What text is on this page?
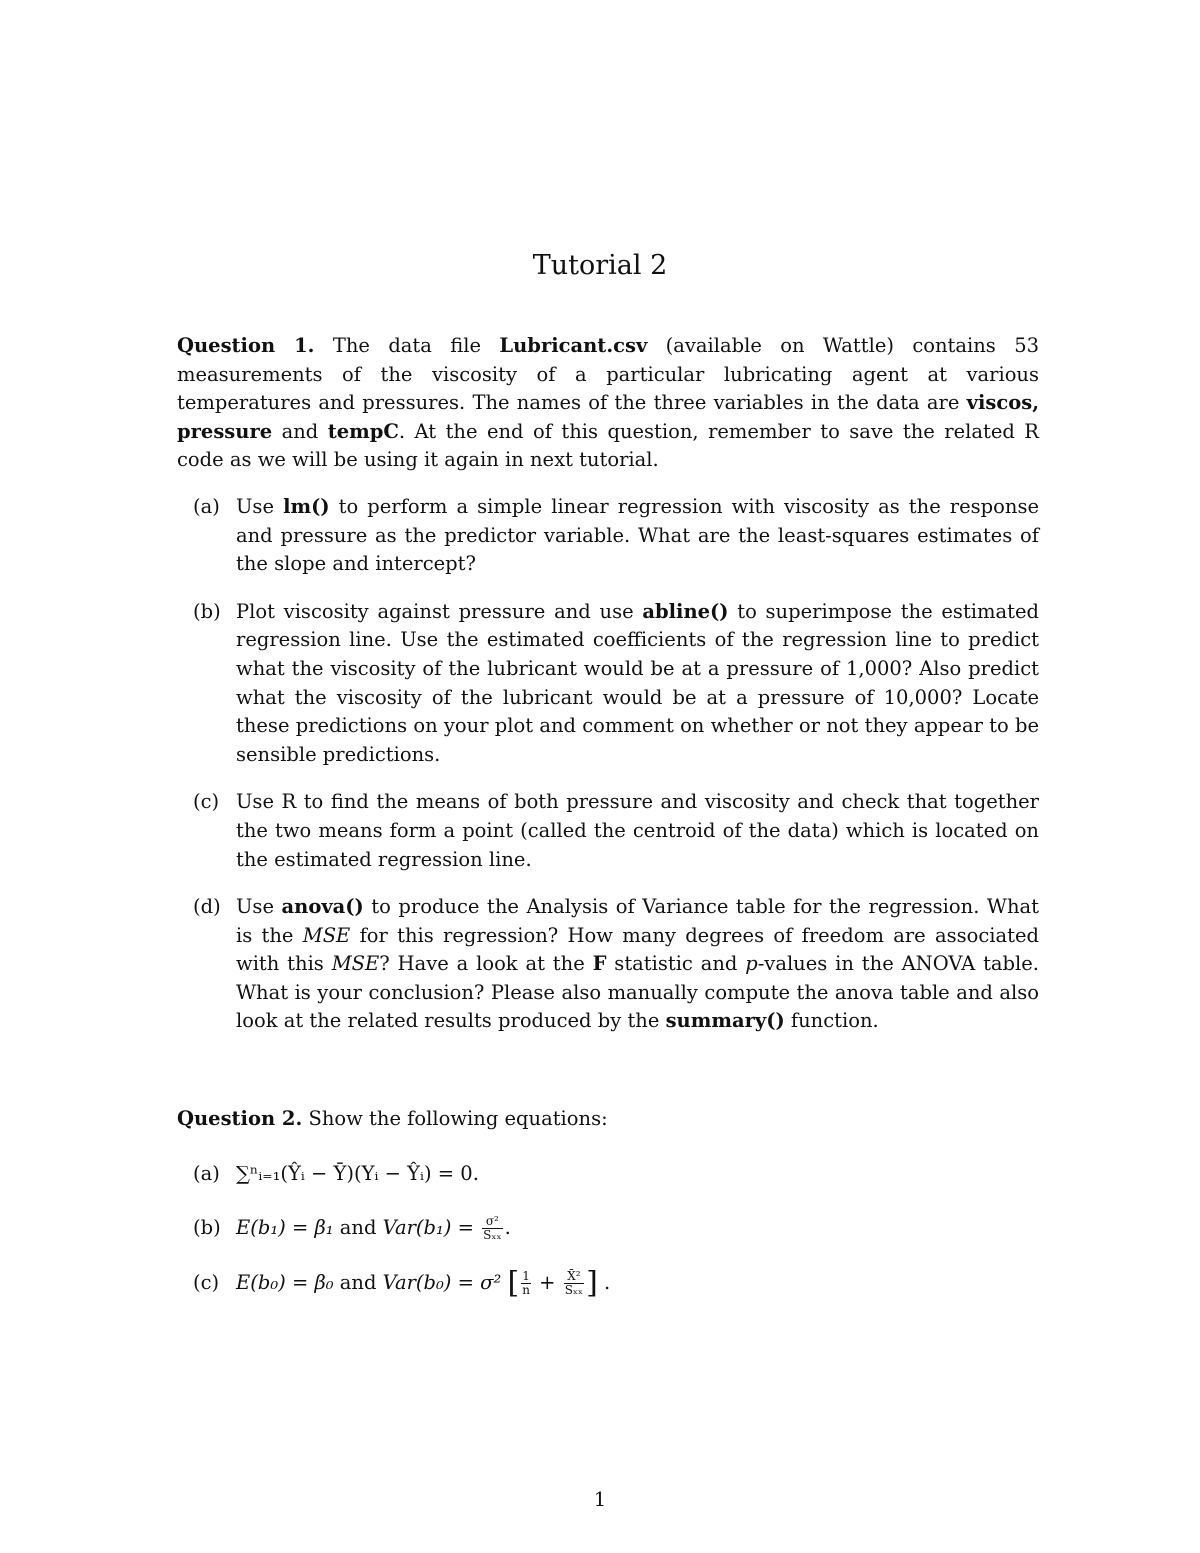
Tutorial 2
Question 1. The data file Lubricant.csv (available on Wattle) contains 53 measurements of the viscosity of a particular lubricating agent at various temperatures and pressures. The names of the three variables in the data are viscos, pressure and tempC. At the end of this question, remember to save the related R code as we will be using it again in next tutorial.
(a) Use lm() to perform a simple linear regression with viscosity as the response and pressure as the predictor variable. What are the least-squares estimates of the slope and intercept?
(b) Plot viscosity against pressure and use abline() to superimpose the estimated regression line. Use the estimated coefficients of the regression line to predict what the viscosity of the lubricant would be at a pressure of 1,000? Also predict what the viscosity of the lubricant would be at a pressure of 10,000? Locate these predictions on your plot and comment on whether or not they appear to be sensible predictions.
(c) Use R to find the means of both pressure and viscosity and check that together the two means form a point (called the centroid of the data) which is located on the estimated regression line.
(d) Use anova() to produce the Analysis of Variance table for the regression. What is the MSE for this regression? How many degrees of freedom are associated with this MSE? Have a look at the F statistic and p-values in the ANOVA table. What is your conclusion? Please also manually compute the anova table and also look at the related results produced by the summary() function.
Question 2. Show the following equations:
(a) ∑ⁿᵢ₌₁(Ŷᵢ − Ȳ)(Yᵢ − Ŷᵢ) = 0.
(b) E(b₁) = β₁ and $Var(b_1) = \frac{\text{σ²}}{\text{Sₓₓ}}$ .
(c) E(b₀) = β₀ and Var(b₀) = σ² [ $\frac{1}{n} + \frac{\text{X̄²}}{\text{Sₓₓ}}$ ] .
1
